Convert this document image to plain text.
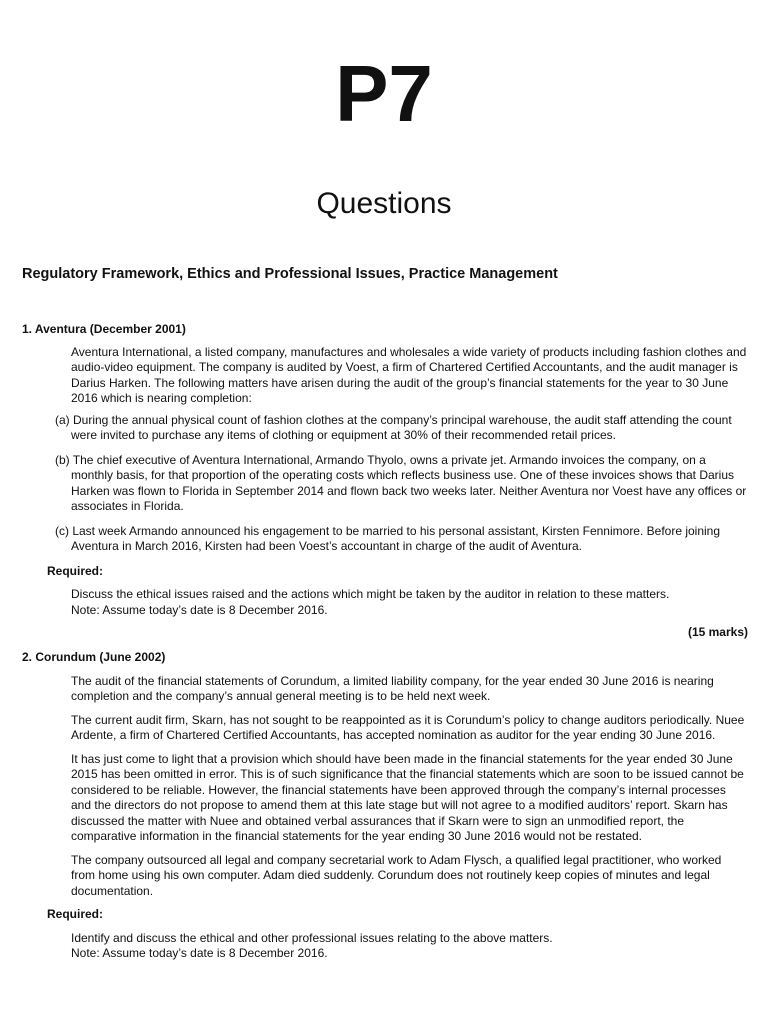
P7
Questions
Regulatory Framework, Ethics and Professional Issues, Practice Management

1. Aventura (December 2001)

Aventura International, a listed company, manufactures and wholesales a wide variety of products including fashion clothes and audio-video equipment. The company is audited by Voest, a firm of Chartered Certified Accountants, and the audit manager is Darius Harken. The following matters have arisen during the audit of the group’s financial statements for the year to 30 June 2016 which is nearing completion:

(a) During the annual physical count of fashion clothes at the company’s principal warehouse, the audit staff attending the count were invited to purchase any items of clothing or equipment at 30% of their recommended retail prices.

(b) The chief executive of Aventura International, Armando Thyolo, owns a private jet. Armando invoices the company, on a monthly basis, for that proportion of the operating costs which reflects business use. One of these invoices shows that Darius Harken was flown to Florida in September 2014 and flown back two weeks later. Neither Aventura nor Voest have any offices or associates in Florida.

(c) Last week Armando announced his engagement to be married to his personal assistant, Kirsten Fennimore. Before joining Aventura in March 2016, Kirsten had been Voest’s accountant in charge of the audit of Aventura.

Required:

Discuss the ethical issues raised and the actions which might be taken by the auditor in relation to these matters.

Note: Assume today’s date is 8 December 2016.

(15 marks)

2. Corundum (June 2002)

The audit of the financial statements of Corundum, a limited liability company, for the year ended 30 June 2016 is nearing completion and the company’s annual general meeting is to be held next week.

The current audit firm, Skarn, has not sought to be reappointed as it is Corundum’s policy to change auditors periodically. Nuee Ardente, a firm of Chartered Certified Accountants, has accepted nomination as auditor for the year ending 30 June 2016.

It has just come to light that a provision which should have been made in the financial statements for the year ended 30 June 2015 has been omitted in error. This is of such significance that the financial statements which are soon to be issued cannot be considered to be reliable. However, the financial statements have been approved through the company’s internal processes and the directors do not propose to amend them at this late stage but will not agree to a modified auditors’ report. Skarn has discussed the matter with Nuee and obtained verbal assurances that if Skarn were to sign an unmodified report, the comparative information in the financial statements for the year ending 30 June 2016 would not be restated.

The company outsourced all legal and company secretarial work to Adam Flysch, a qualified legal practitioner, who worked from home using his own computer. Adam died suddenly. Corundum does not routinely keep copies of minutes and legal documentation.

Required:

Identify and discuss the ethical and other professional issues relating to the above matters.

Note: Assume today’s date is 8 December 2016.
